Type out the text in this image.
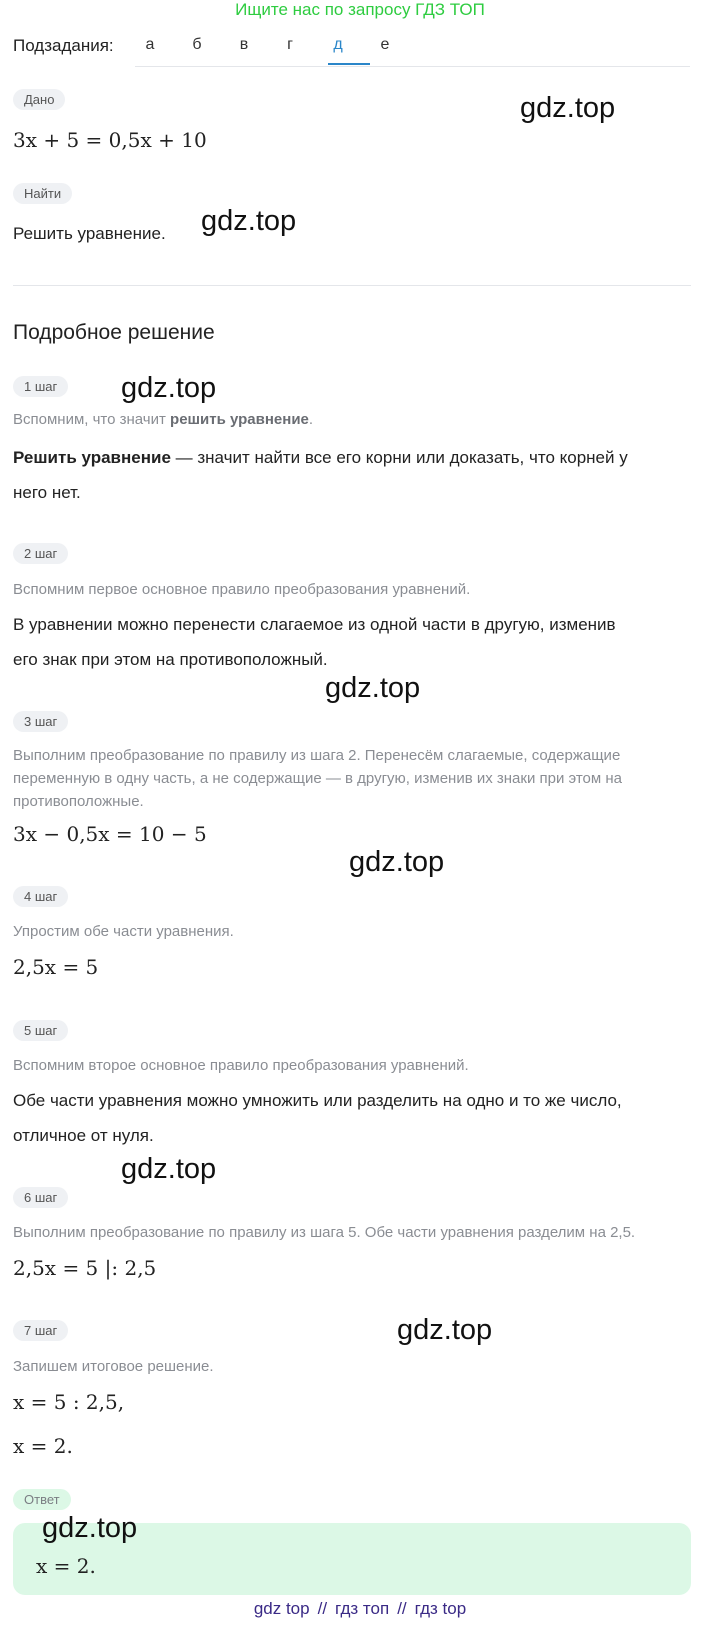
Ищите нас по запросу ГДЗ ТОП
Подзадания:	а	б	в	г	д	е
Дано
3x + 5 = 0,5x + 10
Найти
Решить уравнение.
Подробное решение
1 шаг
Вспомним, что значит решить уравнение.
Решить уравнение — значит найти все его корни или доказать, что корней у
него нет.
2 шаг
Вспомним первое основное правило преобразования уравнений.
В уравнении можно перенести слагаемое из одной части в другую, изменив
его знак при этом на противоположный.
3 шаг
Выполним преобразование по правилу из шага 2. Перенесём слагаемые, содержащие
переменную в одну часть, а не содержащие — в другую, изменив их знаки при этом на
противоположные.
3x − 0,5x = 10 − 5
4 шаг
Упростим обе части уравнения.
2,5x = 5
5 шаг
Вспомним второе основное правило преобразования уравнений.
Обе части уравнения можно умножить или разделить на одно и то же число,
отличное от нуля.
6 шаг
Выполним преобразование по правилу из шага 5. Обе части уравнения разделим на 2,5.
2,5x = 5 |: 2,5
7 шаг
Запишем итоговое решение.
x = 5 : 2,5,
x = 2.
Ответ
x = 2.
gdz.top
gdz.top
gdz.top
gdz.top
gdz.top
gdz.top
gdz.top
gdz.top
gdz top // гдз топ // гдз top
